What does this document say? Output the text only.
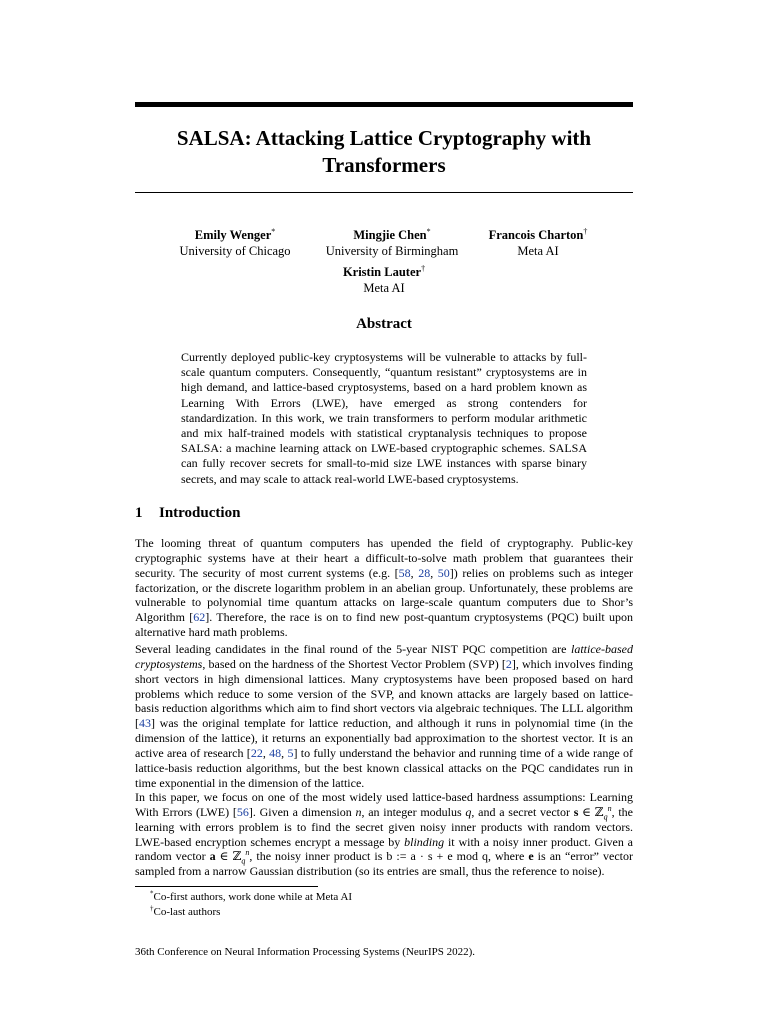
SALSA: Attacking Lattice Cryptography with Transformers
Emily Wenger*
University of Chicago
Mingjie Chen*
University of Birmingham
Francois Charton†
Meta AI
Kristin Lauter†
Meta AI
Abstract
Currently deployed public-key cryptosystems will be vulnerable to attacks by full-scale quantum computers. Consequently, “quantum resistant” cryptosystems are in high demand, and lattice-based cryptosystems, based on a hard problem known as Learning With Errors (LWE), have emerged as strong contenders for standardization. In this work, we train transformers to perform modular arithmetic and mix half-trained models with statistical cryptanalysis techniques to propose SALSA: a machine learning attack on LWE-based cryptographic schemes. SALSA can fully recover secrets for small-to-mid size LWE instances with sparse binary secrets, and may scale to attack real-world LWE-based cryptosystems.
1 Introduction
The looming threat of quantum computers has upended the field of cryptography. Public-key cryptographic systems have at their heart a difficult-to-solve math problem that guarantees their security. The security of most current systems (e.g. [58, 28, 50]) relies on problems such as integer factorization, or the discrete logarithm problem in an abelian group. Unfortunately, these problems are vulnerable to polynomial time quantum attacks on large-scale quantum computers due to Shor’s Algorithm [62]. Therefore, the race is on to find new post-quantum cryptosystems (PQC) built upon alternative hard math problems.
Several leading candidates in the final round of the 5-year NIST PQC competition are lattice-based cryptosystems, based on the hardness of the Shortest Vector Problem (SVP) [2], which involves finding short vectors in high dimensional lattices. Many cryptosystems have been proposed based on hard problems which reduce to some version of the SVP, and known attacks are largely based on lattice-basis reduction algorithms which aim to find short vectors via algebraic techniques. The LLL algorithm [43] was the original template for lattice reduction, and although it runs in polynomial time (in the dimension of the lattice), it returns an exponentially bad approximation to the shortest vector. It is an active area of research [22, 48, 5] to fully understand the behavior and running time of a wide range of lattice-basis reduction algorithms, but the best known classical attacks on the PQC candidates run in time exponential in the dimension of the lattice.
In this paper, we focus on one of the most widely used lattice-based hardness assumptions: Learning With Errors (LWE) [56]. Given a dimension n, an integer modulus q, and a secret vector s ∈ ℤ$_q^n$, the learning with errors problem is to find the secret given noisy inner products with random vectors. LWE-based encryption schemes encrypt a message by blinding it with a noisy inner product. Given a random vector a ∈ ℤ$_q^n$, the noisy inner product is b := a · s + e mod q, where e is an “error” vector sampled from a narrow Gaussian distribution (so its entries are small, thus the reference to noise).
*Co-first authors, work done while at Meta AI
†Co-last authors
36th Conference on Neural Information Processing Systems (NeurIPS 2022).
